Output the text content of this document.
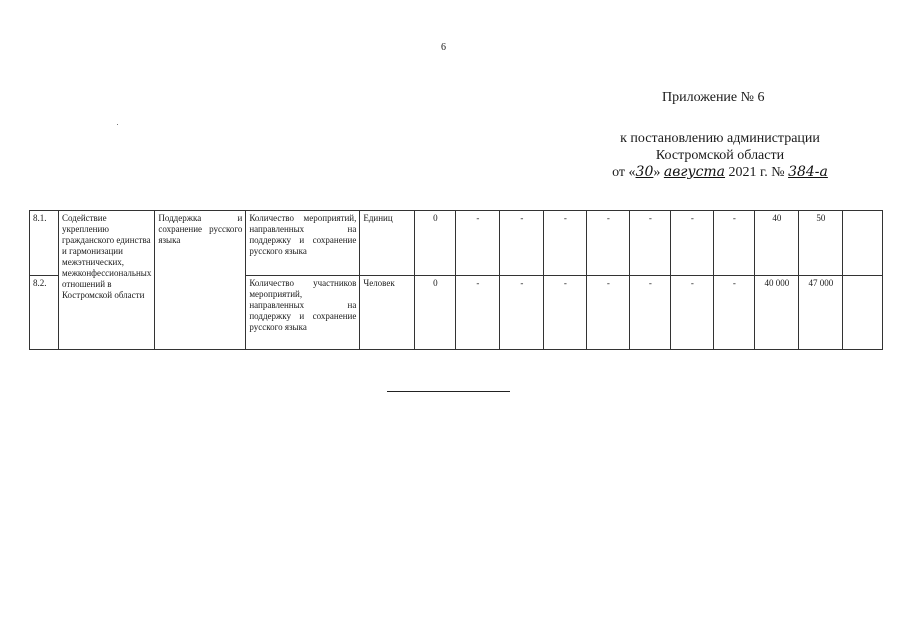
6
Приложение № 6
к постановлению администрации
Костромской области
от «30» августа 2021 г. № 384-а
8.1.	Содействие укреплению гражданского единства и гармонизации межэтнических, межконфессиональных отношений в Костромской области	Поддержка и сохранение русского языка	Количество мероприятий, направленных на поддержку и сохранение русского языка	Единиц	0	-	-	-	-	-	-	-	40	50	
8.2.			Количество участников мероприятий, направленных на поддержку и сохранение русского языка	Человек	0	-	-	-	-	-	-	-	40 000	47 000	
